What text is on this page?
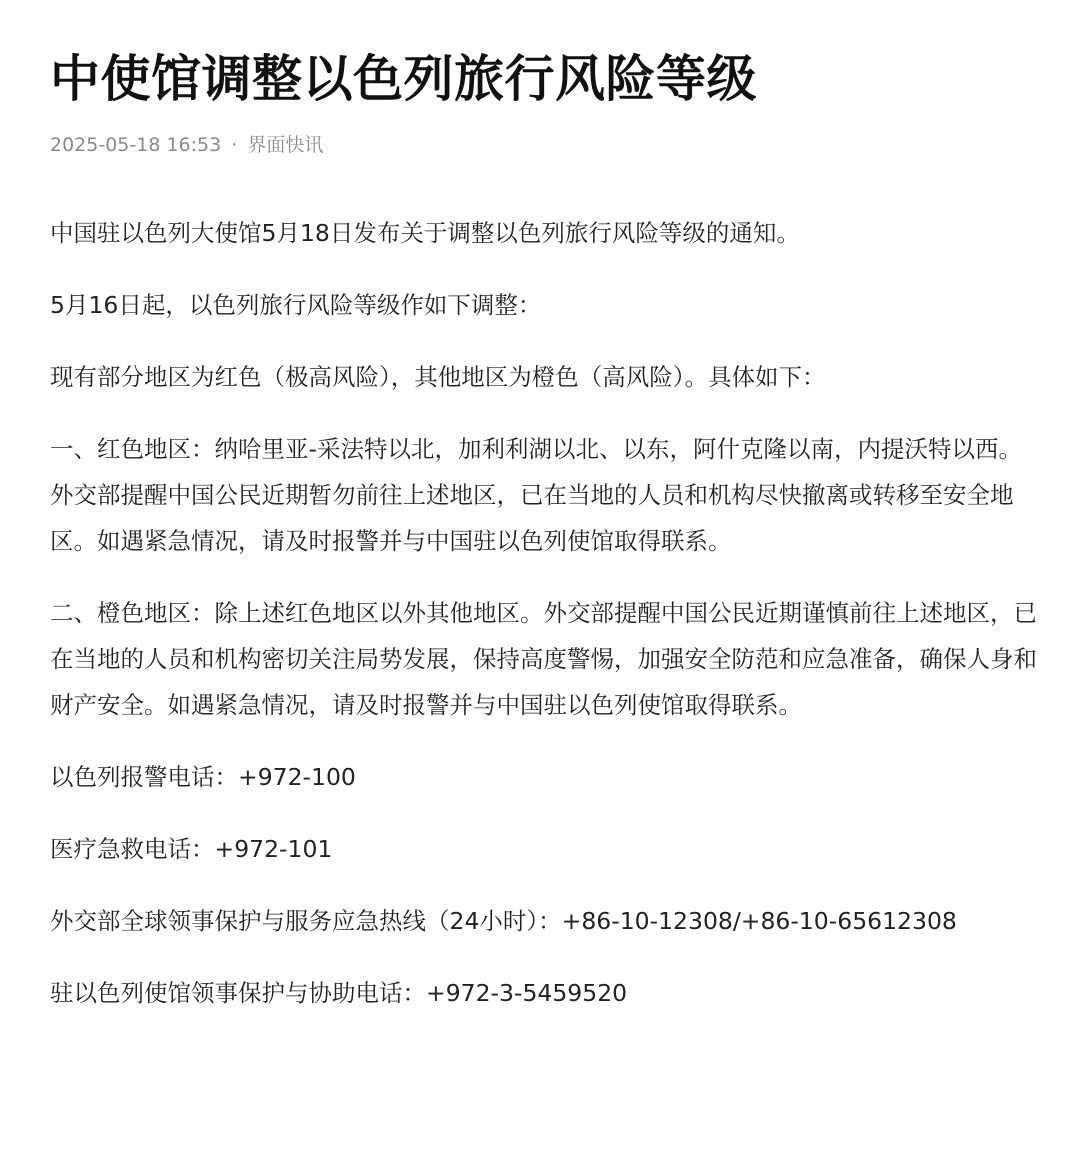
中使馆调整以色列旅行风险等级
2025-05-18 16:53 · 界面快讯

中国驻以色列大使馆5月18日发布关于调整以色列旅行风险等级的通知。

5月16日起，以色列旅行风险等级作如下调整：

现有部分地区为红色（极高风险），其他地区为橙色（高风险）。具体如下：

一、红色地区：纳哈里亚-采法特以北，加利利湖以北、以东，阿什克隆以南，内提沃特以西。外交部提醒中国公民近期暂勿前往上述地区，已在当地的人员和机构尽快撤离或转移至安全地区。如遇紧急情况，请及时报警并与中国驻以色列使馆取得联系。

二、橙色地区：除上述红色地区以外其他地区。外交部提醒中国公民近期谨慎前往上述地区，已在当地的人员和机构密切关注局势发展，保持高度警惕，加强安全防范和应急准备，确保人身和财产安全。如遇紧急情况，请及时报警并与中国驻以色列使馆取得联系。

以色列报警电话：+972-100

医疗急救电话：+972-101

外交部全球领事保护与服务应急热线（24小时）：+86-10-12308/+86-10-65612308

驻以色列使馆领事保护与协助电话：+972-3-5459520
